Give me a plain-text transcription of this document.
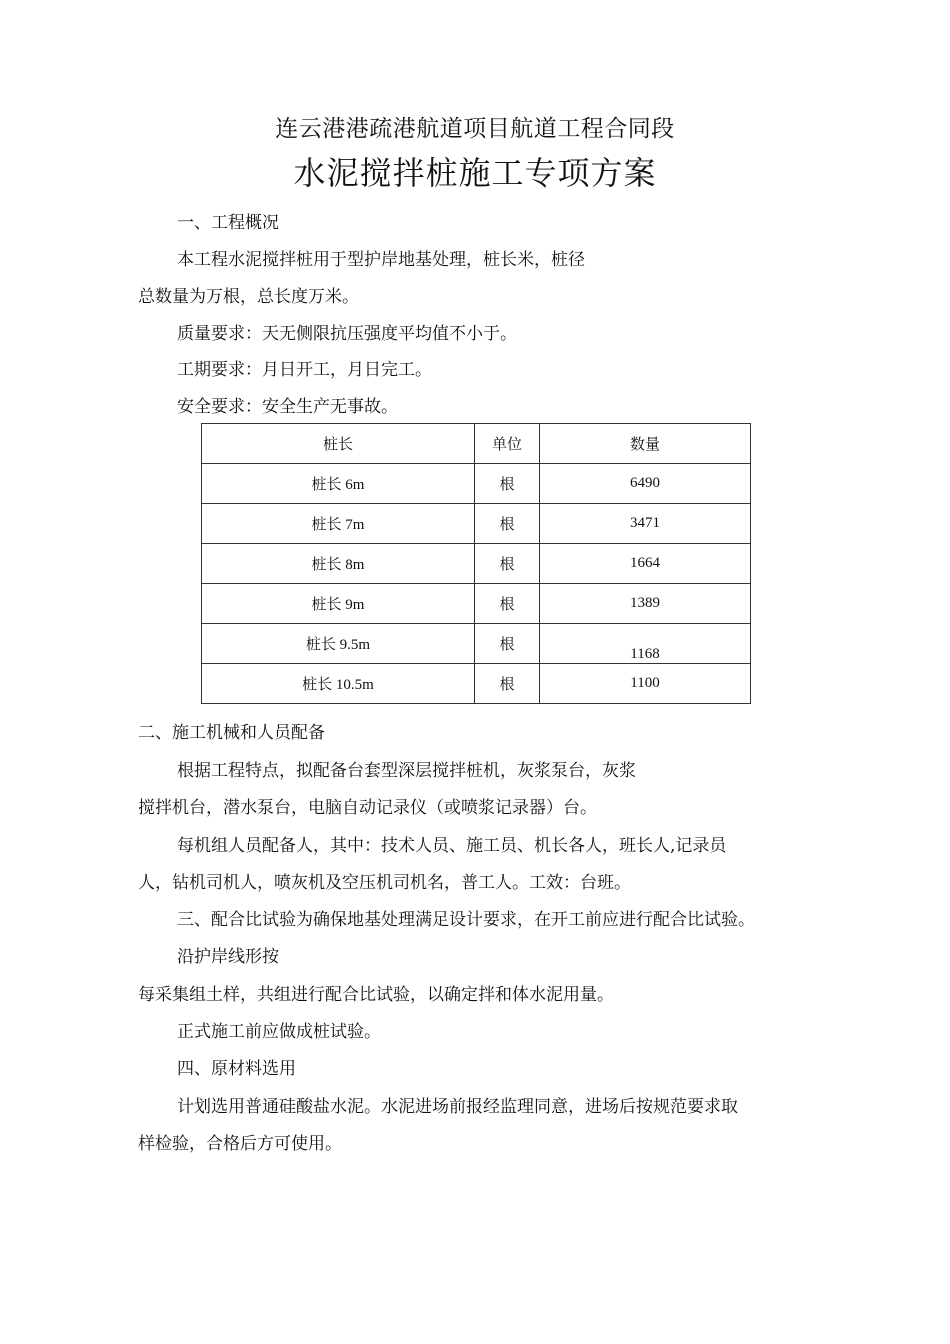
连云港港疏港航道项目航道工程合同段
水泥搅拌桩施工专项方案
一、工程概况
本工程水泥搅拌桩用于型护岸地基处理，桩长米，桩径
总数量为万根，总长度万米。
质量要求：天无侧限抗压强度平均值不小于。
工期要求：月日开工，月日完工。
安全要求：安全生产无事故。
桩长	单位	数量
桩长 6m	根	6490
桩长 7m	根	3471
桩长 8m	根	1664
桩长 9m	根	1389
桩长 9.5m	根	1168
桩长 10.5m	根	1100
二、施工机械和人员配备
根据工程特点，拟配备台套型深层搅拌桩机，灰浆泵台，灰浆
搅拌机台，潜水泵台，电脑自动记录仪（或喷浆记录器）台。
每机组人员配备人，其中：技术人员、施工员、机长各人，班长人,记录员
人，钻机司机人，喷灰机及空压机司机名，普工人。工效：台班。
三、配合比试验为确保地基处理满足设计要求，在开工前应进行配合比试验。
沿护岸线形按
每采集组土样，共组进行配合比试验，以确定拌和体水泥用量。
正式施工前应做成桩试验。
四、原材料选用
计划选用普通硅酸盐水泥。水泥进场前报经监理同意，进场后按规范要求取
样检验，合格后方可使用。
